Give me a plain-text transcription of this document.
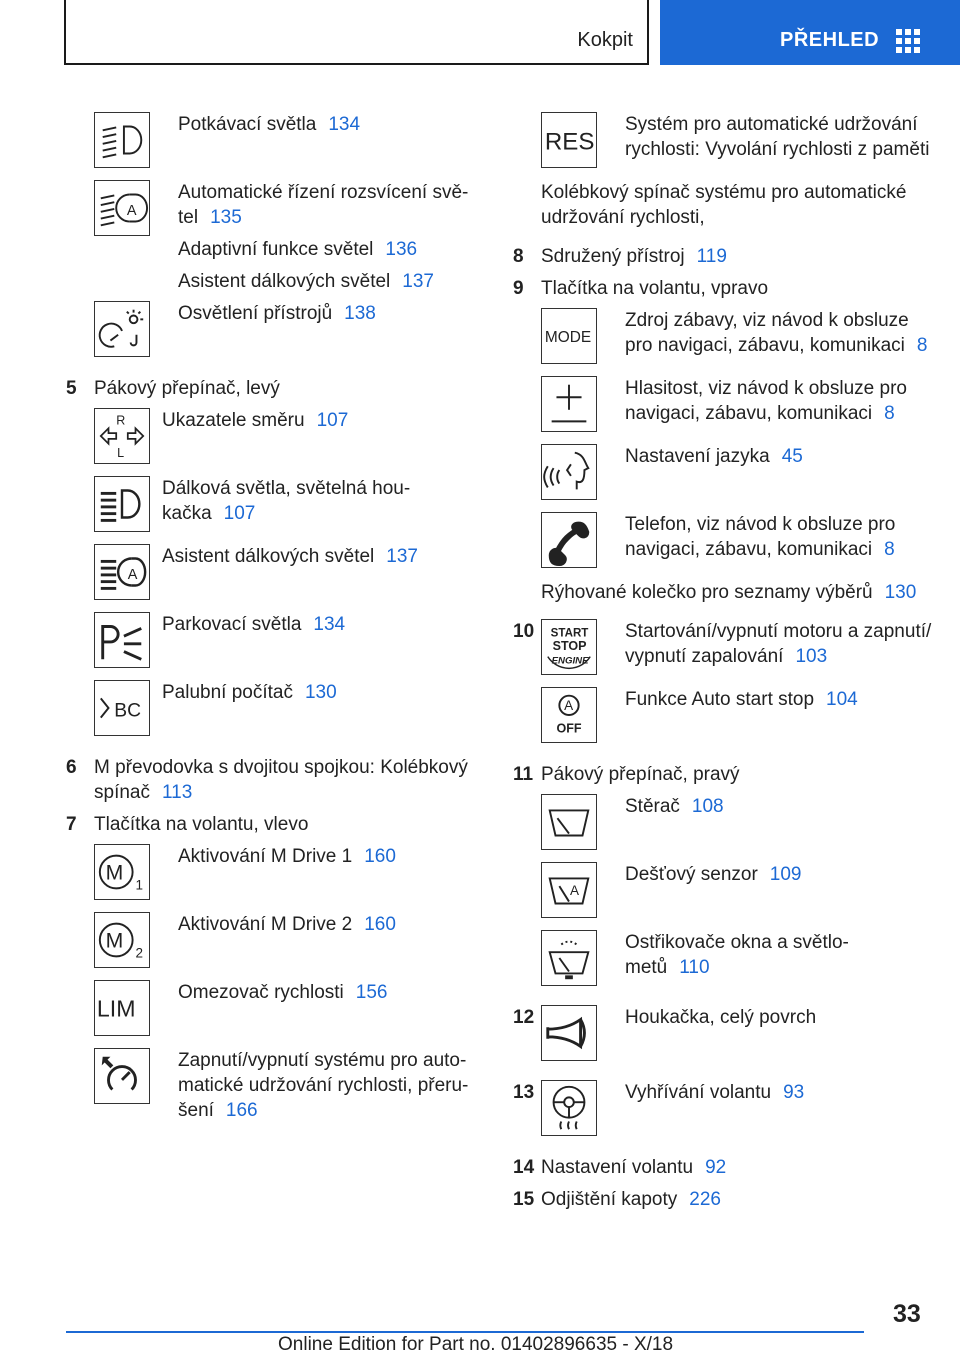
Kokpit	PŘEHLED
Potkávací světla 134
A
Automatické řízení rozsvícení svě-
tel 135
Adaptivní funkce světel 136
Asistent dálkových světel 137
Osvětlení přístrojů 138
5 Pákový přepínač, levý
R
L
Ukazatele směru 107
Dálková světla, světelná hou-
kačka 107
A
Asistent dálkových světel 137
Parkovací světla 134
BC
Palubní počítač 130
6 M převodovka s dvojitou spojkou: Kolébkový
spínač 113
7 Tlačítka na volantu, vlevo
M
1
Aktivování M Drive 1 160
M
2
Aktivování M Drive 2 160
LIM
Omezovač rychlosti 156
Zapnutí/vypnutí systému pro auto-
matické udržování rychlosti, přeru-
šení 166
RES
Systém pro automatické udržování
rychlosti: Vyvolání rychlosti z paměti
Kolébkový spínač systému pro automatické
udržování rychlosti,
8 Sdružený přístroj 119
9 Tlačítka na volantu, vpravo
MODE
Zdroj zábavy, viz návod k obsluze
pro navigaci, zábavu, komunikaci 8
Hlasitost, viz návod k obsluze pro
navigaci, zábavu, komunikaci 8
Nastavení jazyka 45
Telefon, viz návod k obsluze pro
navigaci, zábavu, komunikaci 8
Rýhované kolečko pro seznamy výběrů 130
10 START
STOP
ENGINE
Startování/vypnutí motoru a zapnutí/
vypnutí zapalování 103
A
OFF
Funkce Auto start stop 104
11 Pákový přepínač, pravý
Stěrač 108
A
Dešťový senzor 109
Ostřikovače okna a světlo-
metů 110
12	Houkačka, celý povrch
13	Vyhřívání volantu 93
14 Nastavení volantu 92
15 Odjištění kapoty 226
33
Online Edition for Part no. 01402896635 - X/18
